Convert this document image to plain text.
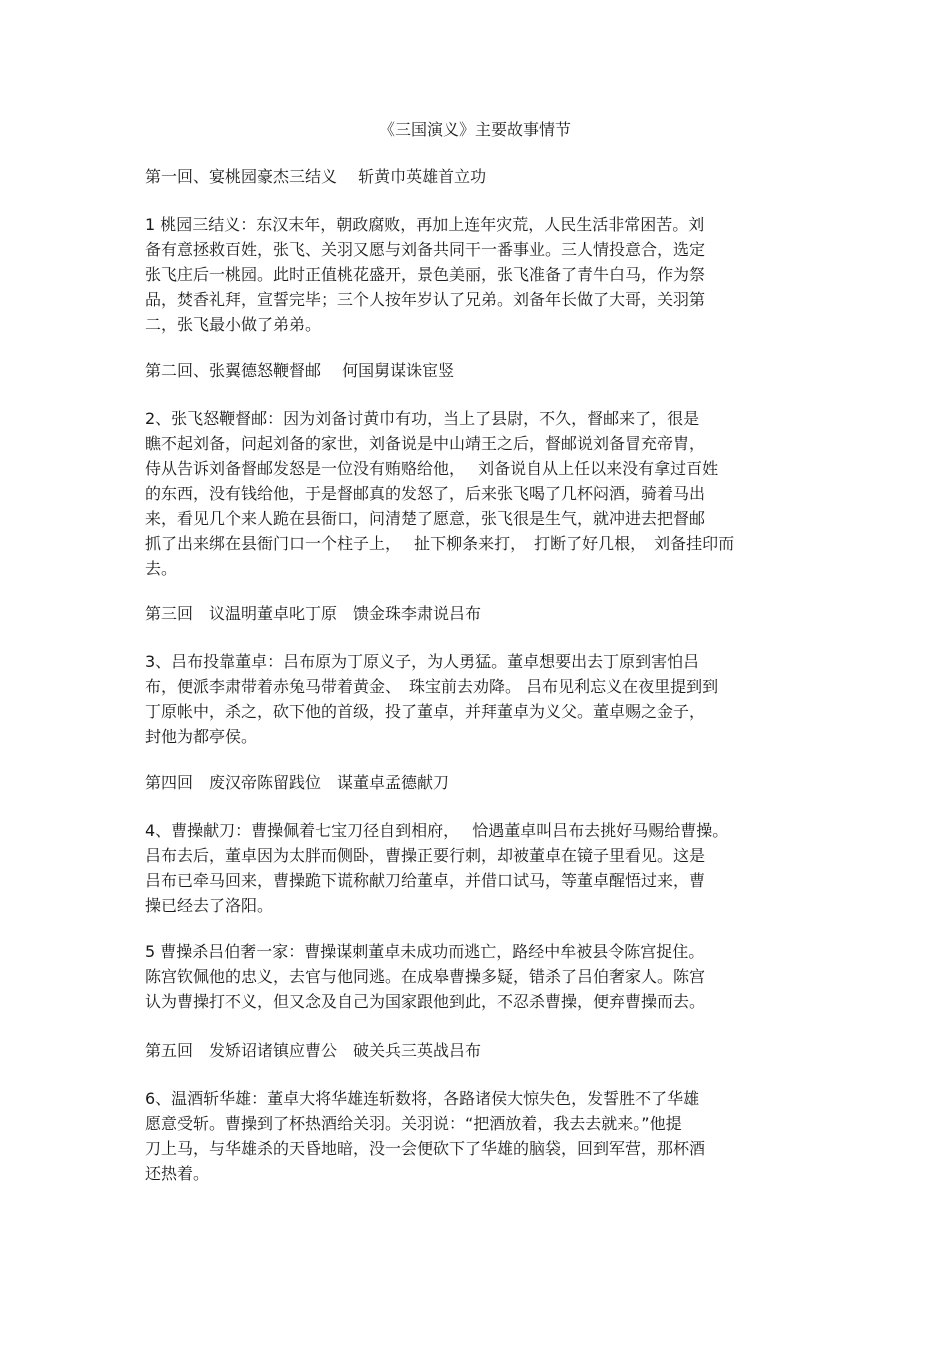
《三国演义》主要故事情节
第一回、宴桃园豪杰三结义　 斩黄巾英雄首立功
1 桃园三结义：东汉末年，朝政腐败，再加上连年灾荒，人民生活非常困苦。刘
备有意拯救百姓，张飞、关羽又愿与刘备共同干一番事业。三人情投意合，选定
张飞庄后一桃园。此时正值桃花盛开，景色美丽，张飞准备了青牛白马，作为祭
品，焚香礼拜，宣誓完毕；三个人按年岁认了兄弟。刘备年长做了大哥，关羽第
二，张飞最小做了弟弟。
第二回、张翼德怒鞭督邮　 何国舅谋诛宦竖
2、张飞怒鞭督邮：因为刘备讨黄巾有功，当上了县尉，不久，督邮来了，很是
瞧不起刘备，问起刘备的家世，刘备说是中山靖王之后，督邮说刘备冒充帝胄，
侍从告诉刘备督邮发怒是一位没有贿赂给他，　 刘备说自从上任以来没有拿过百姓
的东西，没有钱给他，于是督邮真的发怒了，后来张飞喝了几杯闷酒，骑着马出
来，看见几个来人跪在县衙口，问清楚了愿意，张飞很是生气，就冲进去把督邮
抓了出来绑在县衙门口一个柱子上，　 扯下柳条来打，　打断了好几根，　刘备挂印而
去。
第三回　议温明董卓叱丁原　馈金珠李肃说吕布
3、吕布投靠董卓：吕布原为丁原义子，为人勇猛。董卓想要出去丁原到害怕吕
布，便派李肃带着赤兔马带着黄金、　珠宝前去劝降。 吕布见利忘义在夜里提到到
丁原帐中，杀之，砍下他的首级，投了董卓，并拜董卓为义父。董卓赐之金子，
封他为都亭侯。
第四回　废汉帝陈留践位　谋董卓孟德献刀
4、曹操献刀：曹操佩着七宝刀径自到相府，　 恰遇董卓叫吕布去挑好马赐给曹操。
吕布去后，董卓因为太胖而侧卧，曹操正要行刺，却被董卓在镜子里看见。这是
吕布已牵马回来，曹操跪下谎称献刀给董卓，并借口试马，等董卓醒悟过来，曹
操已经去了洛阳。
5 曹操杀吕伯奢一家：曹操谋刺董卓未成功而逃亡，路经中牟被县令陈宫捉住。
陈宫钦佩他的忠义，去官与他同逃。在成皋曹操多疑，错杀了吕伯奢家人。陈宫
认为曹操打不义，但又念及自己为国家跟他到此，不忍杀曹操，便弃曹操而去。
第五回　发矫诏诸镇应曹公　破关兵三英战吕布
6、温酒斩华雄：董卓大将华雄连斩数将，各路诸侯大惊失色，发誓胜不了华雄
愿意受斩。曹操到了杯热酒给关羽。关羽说：“把酒放着，我去去就来。”他提
刀上马，与华雄杀的天昏地暗，没一会便砍下了华雄的脑袋，回到军营，那杯酒
还热着。
